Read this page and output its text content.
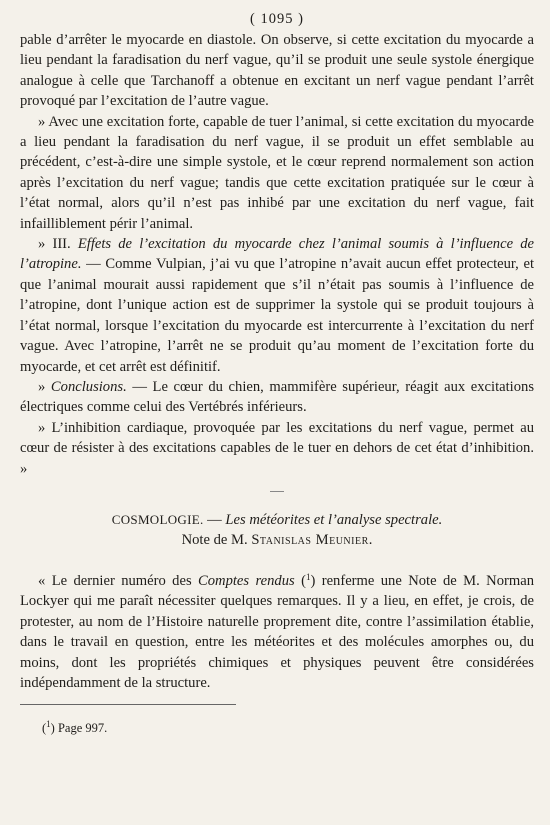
( 1095 )

pable d’arrêter le myocarde en diastole. On observe, si cette excitation du myocarde a lieu pendant la faradisation du nerf vague, qu’il se produit une seule systole énergique analogue à celle que Tarchanoff a obtenue en excitant un nerf vague pendant l’arrêt provoqué par l’excitation de l’autre vague.

» Avec une excitation forte, capable de tuer l’animal, si cette excitation du myocarde a lieu pendant la faradisation du nerf vague, il se produit un effet semblable au précédent, c’est-à-dire une simple systole, et le cœur reprend normalement son action après l’excitation du nerf vague; tandis que cette excitation pratiquée sur le cœur à l’état normal, alors qu’il n’est pas inhibé par une excitation du nerf vague, fait infailliblement périr l’animal.

» III. Effets de l’excitation du myocarde chez l’animal soumis à l’influence de l’atropine. — Comme Vulpian, j’ai vu que l’atropine n’avait aucun effet protecteur, et que l’animal mourait aussi rapidement que s’il n’était pas soumis à l’influence de l’atropine, dont l’unique action est de supprimer la systole qui se produit toujours à l’état normal, lorsque l’excitation du myocarde est intercurrente à l’excitation du nerf vague. Avec l’atropine, l’arrêt ne se produit qu’au moment de l’excitation forte du myocarde, et cet arrêt est définitif.

» Conclusions. — Le cœur du chien, mammifère supérieur, réagit aux excitations électriques comme celui des Vertébrés inférieurs.

» L’inhibition cardiaque, provoquée par les excitations du nerf vague, permet au cœur de résister à des excitations capables de le tuer en dehors de cet état d’inhibition. »

COSMOLOGIE. — Les météorites et l’analyse spectrale.
Note de M. Stanislas Meunier.

« Le dernier numéro des Comptes rendus ($^1$) renferme une Note de M. Norman Lockyer qui me paraît nécessiter quelques remarques. Il y a lieu, en effet, je crois, de protester, au nom de l’Histoire naturelle proprement dite, contre l’assimilation établie, dans le travail en question, entre les météorites et des molécules amorphes ou, du moins, dont les propriétés chimiques et physiques peuvent être considérées indépendamment de la structure.

($^1$) Page 997.
